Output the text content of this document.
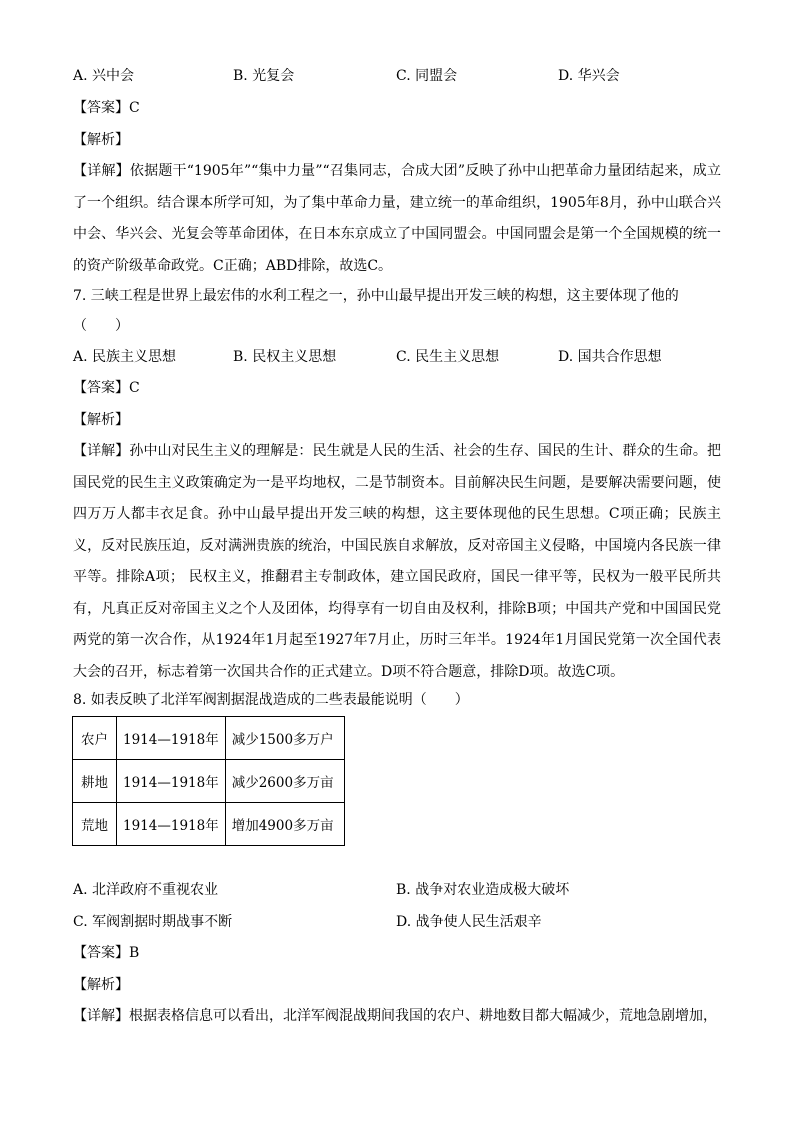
A. 兴中会	B. 光复会	C. 同盟会	D. 华兴会
【答案】C
【解析】

【详解】依据题干“1905年”“集中力量”“召集同志，合成大团”反映了孙中山把革命力量团结起来，成立了一个组织。结合课本所学可知，为了集中革命力量，建立统一的革命组织，1905年8月，孙中山联合兴中会、华兴会、光复会等革命团体，在日本东京成立了中国同盟会。中国同盟会是第一个全国规模的统一的资产阶级革命政党。C正确；ABD排除，故选C。

7. 三峡工程是世界上最宏伟的水利工程之一，孙中山最早提出开发三峡的构想，这主要体现了他的
（　　）
A. 民族主义思想	B. 民权主义思想	C. 民生主义思想	D. 国共合作思想
【答案】C
【解析】

【详解】孙中山对民生主义的理解是：民生就是人民的生活、社会的生存、国民的生计、群众的生命。把国民党的民生主义政策确定为一是平均地权，二是节制资本。目前解决民生问题，是要解决需要问题，使四万万人都丰衣足食。孙中山最早提出开发三峡的构想，这主要体现他的民生思想。C项正确；民族主义，反对民族压迫，反对满洲贵族的统治，中国民族自求解放，反对帝国主义侵略，中国境内各民族一律平等。排除A项； 民权主义，推翻君主专制政体，建立国民政府，国民一律平等，民权为一般平民所共有，凡真正反对帝国主义之个人及团体，均得享有一切自由及权利，排除B项；中国共产党和中国国民党两党的第一次合作，从1924年1月起至1927年7月止，历时三年半。1924年1月国民党第一次全国代表大会的召开，标志着第一次国共合作的正式建立。D项不符合题意，排除D项。故选C项。

8. 如表反映了北洋军阀割据混战造成的二些表最能说明（　　）
农户	1914—1918年	减少1500多万户
耕地	1914—1918年	减少2600多万亩
荒地	1914—1918年	增加4900多万亩
A. 北洋政府不重视农业	B. 战争对农业造成极大破坏
C. 军阀割据时期战事不断	D. 战争使人民生活艰辛
【答案】B
【解析】

【详解】根据表格信息可以看出，北洋军阀混战期间我国的农户、耕地数目都大幅减少，荒地急剧增加，
